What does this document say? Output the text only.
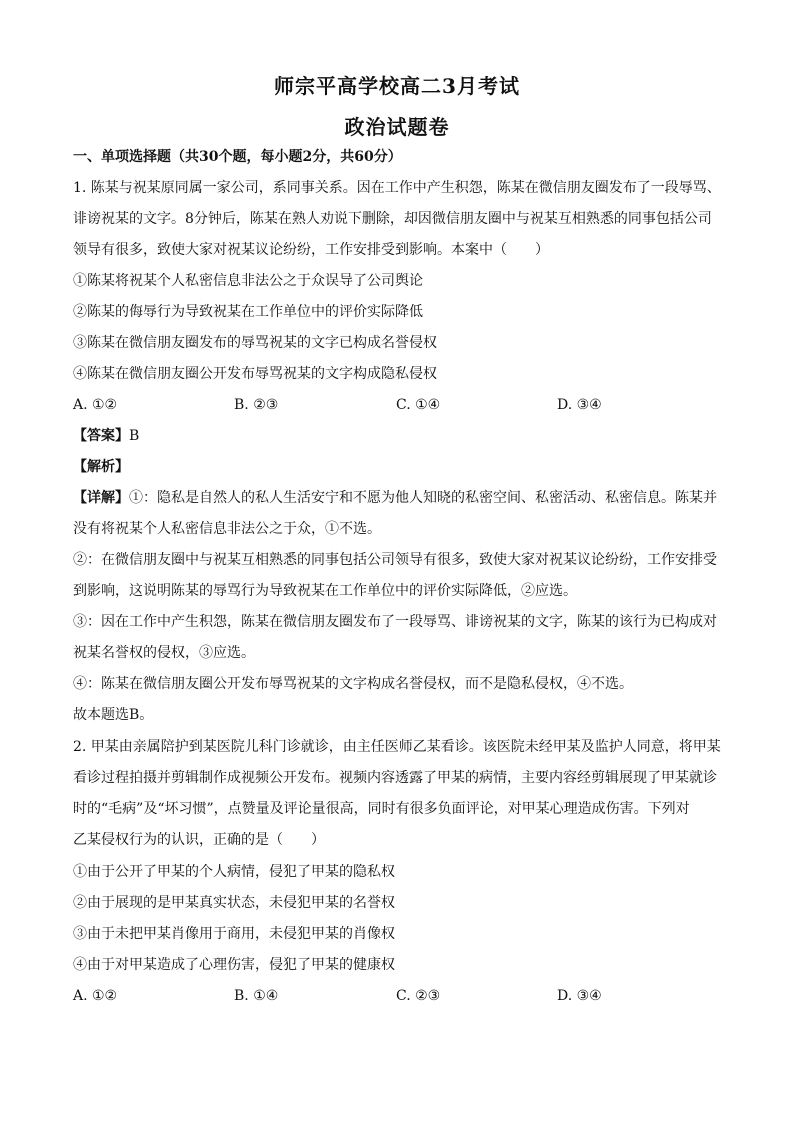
师宗平高学校高二3月考试
政治试题卷
一、单项选择题（共30个题，每小题2分，共60分）
1. 陈某与祝某原同属一家公司，系同事关系。因在工作中产生积怨，陈某在微信朋友圈发布了一段辱骂、
诽谤祝某的文字。8分钟后，陈某在熟人劝说下删除，却因微信朋友圈中与祝某互相熟悉的同事包括公司
领导有很多，致使大家对祝某议论纷纷，工作安排受到影响。本案中（　　）
①陈某将祝某个人私密信息非法公之于众误导了公司舆论
②陈某的侮辱行为导致祝某在工作单位中的评价实际降低
③陈某在微信朋友圈发布的辱骂祝某的文字已构成名誉侵权
④陈某在微信朋友圈公开发布辱骂祝某的文字构成隐私侵权
A. ①②	B. ②③	C. ①④	D. ③④
【答案】B
【解析】
【详解】①：隐私是自然人的私人生活安宁和不愿为他人知晓的私密空间、私密活动、私密信息。陈某并
没有将祝某个人私密信息非法公之于众，①不选。
②：在微信朋友圈中与祝某互相熟悉的同事包括公司领导有很多，致使大家对祝某议论纷纷，工作安排受
到影响，这说明陈某的辱骂行为导致祝某在工作单位中的评价实际降低，②应选。
③：因在工作中产生积怨，陈某在微信朋友圈发布了一段辱骂、诽谤祝某的文字，陈某的该行为已构成对
祝某名誉权的侵权，③应选。
④：陈某在微信朋友圈公开发布辱骂祝某的文字构成名誉侵权，而不是隐私侵权，④不选。
故本题选B。
2. 甲某由亲属陪护到某医院儿科门诊就诊，由主任医师乙某看诊。该医院未经甲某及监护人同意，将甲某
看诊过程拍摄并剪辑制作成视频公开发布。视频内容透露了甲某的病情，主要内容经剪辑展现了甲某就诊
时的“毛病”及“坏习惯”，点赞量及评论量很高，同时有很多负面评论，对甲某心理造成伤害。下列对
乙某侵权行为的认识，正确的是（　　）
①由于公开了甲某的个人病情，侵犯了甲某的隐私权
②由于展现的是甲某真实状态，未侵犯甲某的名誉权
③由于未把甲某肖像用于商用，未侵犯甲某的肖像权
④由于对甲某造成了心理伤害，侵犯了甲某的健康权
A. ①②	B. ①④	C. ②③	D. ③④
